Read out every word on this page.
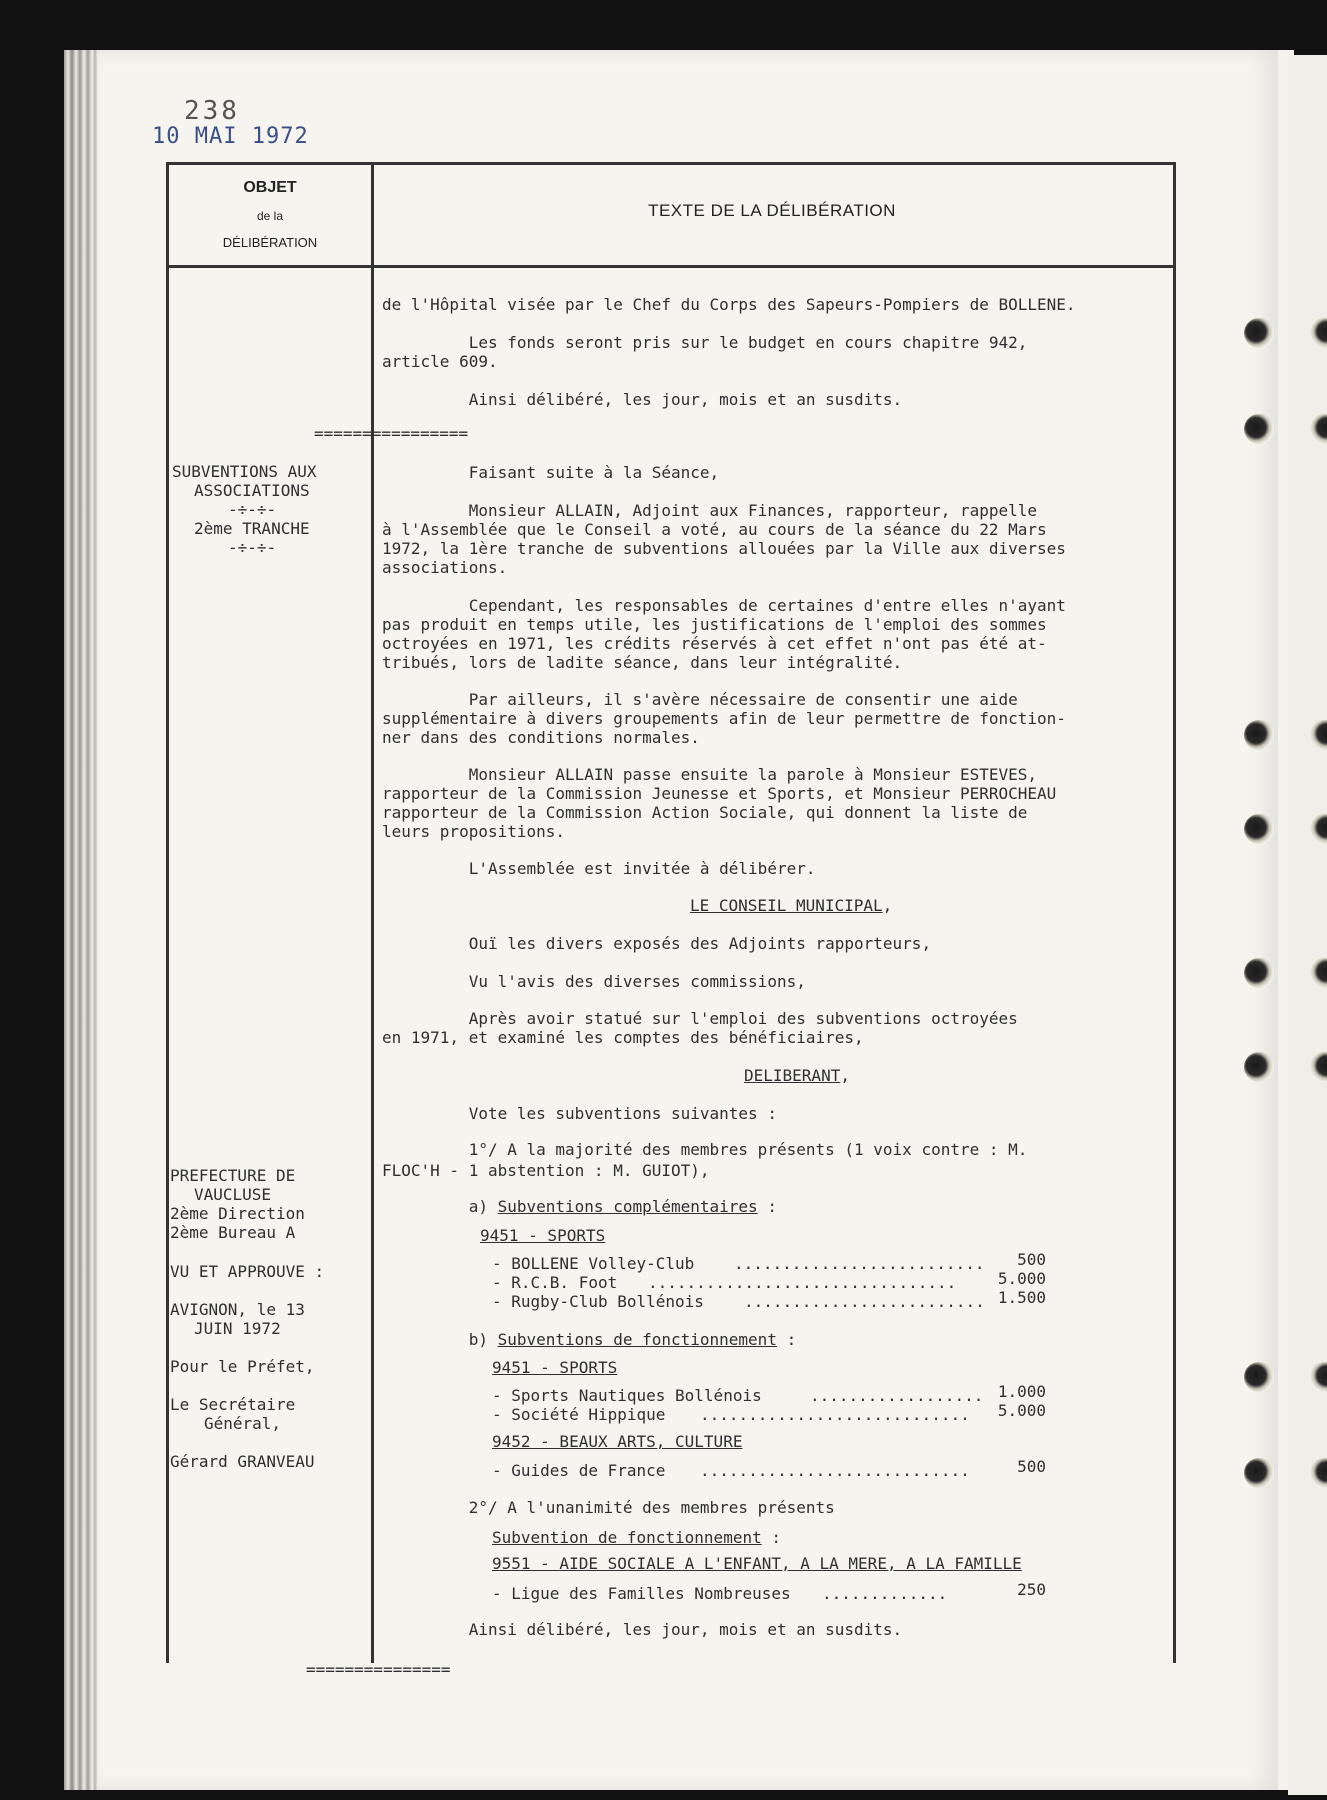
238
10 MAI 1972
OBJET
de la
DÉLIBÉRATION
TEXTE DE LA DÉLIBÉRATION
================
SUBVENTIONS AUX
ASSOCIATIONS
-÷-÷-
2ème TRANCHE
-÷-÷-
PREFECTURE DE
VAUCLUSE
2ème Direction
2ème Bureau A
VU ET APPROUVE :
AVIGNON, le 13
JUIN 1972
Pour le Préfet,
Le Secrétaire
Général,
Gérard GRANVEAU
===============
de l'Hôpital visée par le Chef du Corps des Sapeurs-Pompiers de BOLLENE.
Les fonds seront pris sur le budget en cours chapitre 942,
article 609.
Ainsi délibéré, les jour, mois et an susdits.
Faisant suite à la Séance,
Monsieur ALLAIN, Adjoint aux Finances, rapporteur, rappelle
à l'Assemblée que le Conseil a voté, au cours de la séance du 22 Mars
1972, la 1ère tranche de subventions allouées par la Ville aux diverses
associations.
Cependant, les responsables de certaines d'entre elles n'ayant
pas produit en temps utile, les justifications de l'emploi des sommes
octroyées en 1971, les crédits réservés à cet effet n'ont pas été at-
tribués, lors de ladite séance, dans leur intégralité.
Par ailleurs, il s'avère nécessaire de consentir une aide
supplémentaire à divers groupements afin de leur permettre de fonction-
ner dans des conditions normales.
Monsieur ALLAIN passe ensuite la parole à Monsieur ESTEVES,
rapporteur de la Commission Jeunesse et Sports, et Monsieur PERROCHEAU
rapporteur de la Commission Action Sociale, qui donnent la liste de
leurs propositions.
L'Assemblée est invitée à délibérer.
LE CONSEIL MUNICIPAL,
Ouï les divers exposés des Adjoints rapporteurs,
Vu l'avis des diverses commissions,
Après avoir statué sur l'emploi des subventions octroyées
en 1971, et examiné les comptes des bénéficiaires,
DELIBERANT,
Vote les subventions suivantes :
1°/ A la majorité des membres présents (1 voix contre : M.
FLOC'H - 1 abstention : M. GUIOT),
a) Subventions complémentaires :
9451 - SPORTS
- BOLLENE Volley-Club ..........................	500
- R.C.B. Foot ................................	5.000
- Rugby-Club Bollénois ......................... 1.500
b) Subventions de fonctionnement :
9451 - SPORTS
- Sports Nautiques Bollénois .................. 1.000
- Société Hippique ............................	5.000
9452 - BEAUX ARTS, CULTURE
- Guides de France ............................	500
2°/ A l'unanimité des membres présents
Subvention de fonctionnement :
9551 - AIDE SOCIALE A L'ENFANT, A LA MERE, A LA FAMILLE
- Ligue des Familles Nombreuses .............	250
Ainsi délibéré, les jour, mois et an susdits.
